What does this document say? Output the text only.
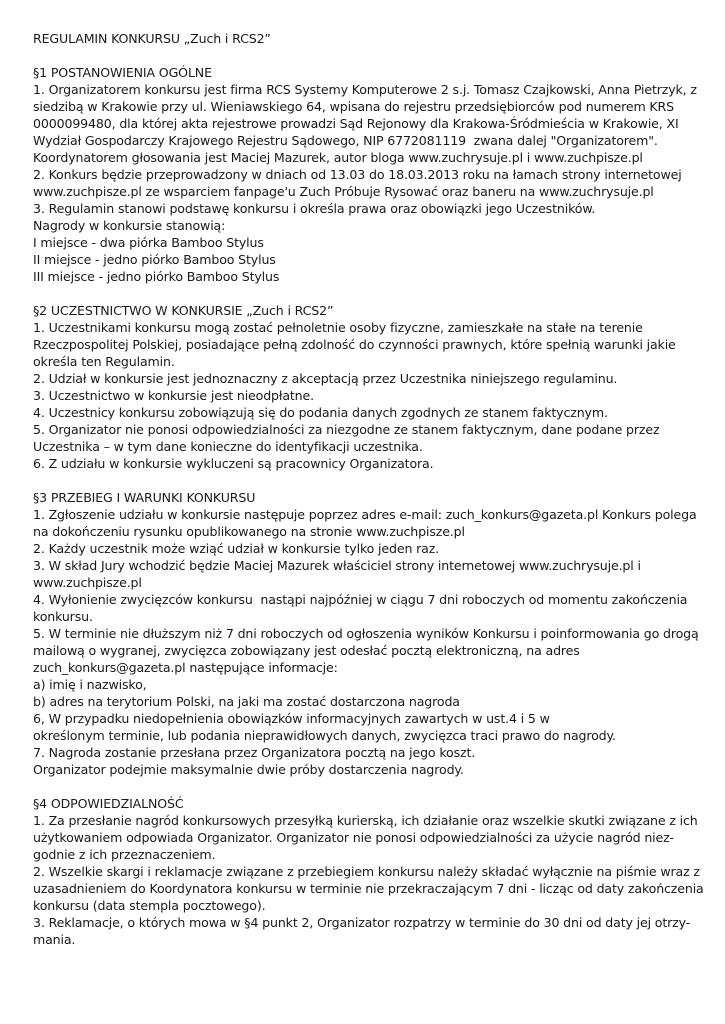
REGULAMIN KONKURSU „Zuch i RCS2”
§1 POSTANOWIENIA OGÓLNE
1. Organizatorem konkursu jest firma RCS Systemy Komputerowe 2 s.j. Tomasz Czajkowski, Anna Pietrzyk, z
siedzibą w Krakowie przy ul. Wieniawskiego 64, wpisana do rejestru przedsiębiorców pod numerem KRS
0000099480, dla której akta rejestrowe prowadzi Sąd Rejonowy dla Krakowa-Śródmieścia w Krakowie, XI
Wydział Gospodarczy Krajowego Rejestru Sądowego, NIP 6772081119  zwana dalej "Organizatorem".
Koordynatorem głosowania jest Maciej Mazurek, autor bloga www.zuchrysuje.pl i www.zuchpisze.pl
2. Konkurs będzie przeprowadzony w dniach od 13.03 do 18.03.2013 roku na łamach strony internetowej
www.zuchpisze.pl ze wsparciem fanpage'u Zuch Próbuje Rysować oraz baneru na www.zuchrysuje.pl
3. Regulamin stanowi podstawę konkursu i określa prawa oraz obowiązki jego Uczestników.
Nagrody w konkursie stanowią:
I miejsce - dwa piórka Bamboo Stylus
II miejsce - jedno piórko Bamboo Stylus
III miejsce - jedno piórko Bamboo Stylus
§2 UCZESTNICTWO W KONKURSIE „Zuch i RCS2”
1. Uczestnikami konkursu mogą zostać pełnoletnie osoby fizyczne, zamieszkałe na stałe na terenie
Rzeczpospolitej Polskiej, posiadające pełną zdolność do czynności prawnych, które spełnią warunki jakie
określa ten Regulamin.
2. Udział w konkursie jest jednoznaczny z akceptacją przez Uczestnika niniejszego regulaminu.
3. Uczestnictwo w konkursie jest nieodpłatne.
4. Uczestnicy konkursu zobowiązują się do podania danych zgodnych ze stanem faktycznym.
5. Organizator nie ponosi odpowiedzialności za niezgodne ze stanem faktycznym, dane podane przez
Uczestnika – w tym dane konieczne do identyfikacji uczestnika.
6. Z udziału w konkursie wykluczeni są pracownicy Organizatora.
§3 PRZEBIEG I WARUNKI KONKURSU
1. Zgłoszenie udziału w konkursie następuje poprzez adres e-mail: zuch_konkurs@gazeta.pl Konkurs polega
na dokończeniu rysunku opublikowanego na stronie www.zuchpisze.pl
2. Każdy uczestnik może wziąć udział w konkursie tylko jeden raz.
3. W skład Jury wchodzić będzie Maciej Mazurek właściciel strony internetowej www.zuchrysuje.pl i
www.zuchpisze.pl
4. Wyłonienie zwycięzców konkursu  nastąpi najpóźniej w ciągu 7 dni roboczych od momentu zakończenia
konkursu.
5. W terminie nie dłuższym niż 7 dni roboczych od ogłoszenia wyników Konkursu i poinformowania go drogą
mailową o wygranej, zwycięzca zobowiązany jest odesłać pocztą elektroniczną, na adres
zuch_konkurs@gazeta.pl następujące informacje:
a) imię i nazwisko,
b) adres na terytorium Polski, na jaki ma zostać dostarczona nagroda
6, W przypadku niedopełnienia obowiązków informacyjnych zawartych w ust.4 i 5 w
określonym terminie, lub podania nieprawidłowych danych, zwycięzca traci prawo do nagrody.
7. Nagroda zostanie przesłana przez Organizatora pocztą na jego koszt.
Organizator podejmie maksymalnie dwie próby dostarczenia nagrody.
§4 ODPOWIEDZIALNOŚĆ
1. Za przesłanie nagród konkursowych przesyłką kurierską, ich działanie oraz wszelkie skutki związane z ich
użytkowaniem odpowiada Organizator. Organizator nie ponosi odpowiedzialności za użycie nagród niez-
godnie z ich przeznaczeniem.
2. Wszelkie skargi i reklamacje związane z przebiegiem konkursu należy składać wyłącznie na piśmie wraz z
uzasadnieniem do Koordynatora konkursu w terminie nie przekraczającym 7 dni - licząc od daty zakończenia
konkursu (data stempla pocztowego).
3. Reklamacje, o których mowa w §4 punkt 2, Organizator rozpatrzy w terminie do 30 dni od daty jej otrzy-
mania.
